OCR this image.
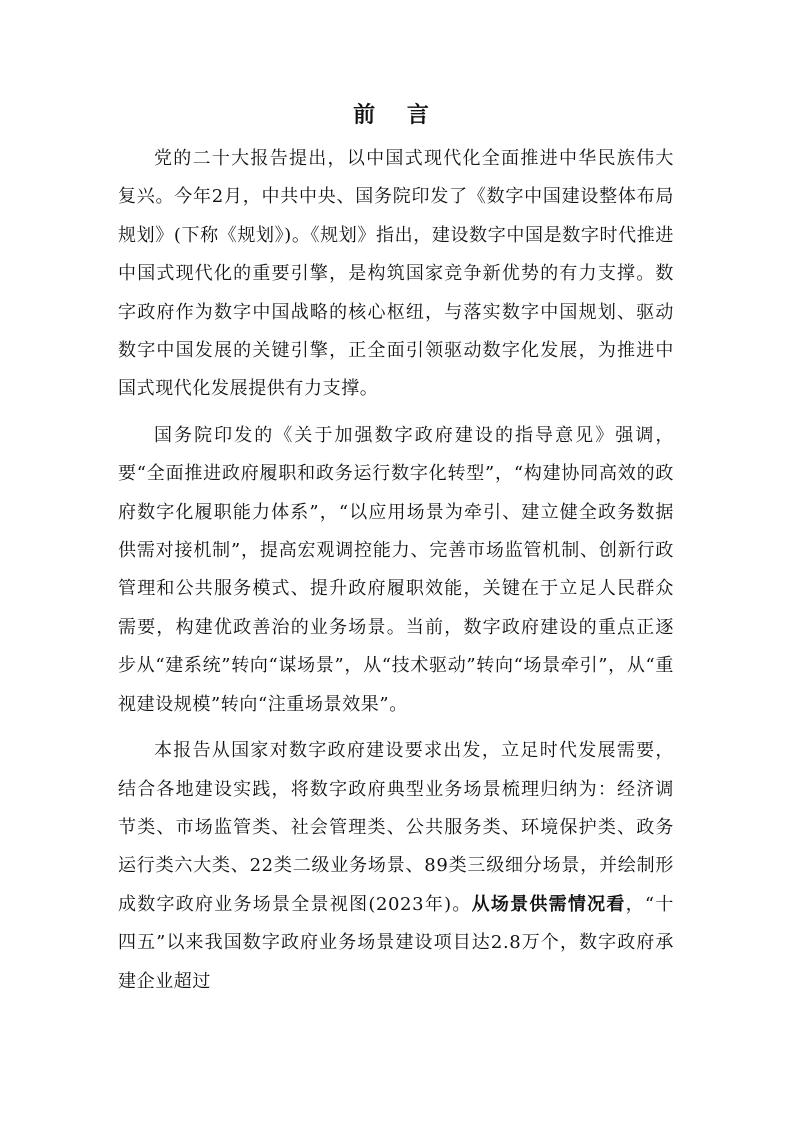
前 言

党的二十大报告提出，以中国式现代化全面推进中华民族伟大复兴。今年2月，中共中央、国务院印发了《数字中国建设整体布局规划》(下称《规划》)。《规划》指出，建设数字中国是数字时代推进中国式现代化的重要引擎，是构筑国家竞争新优势的有力支撑。数字政府作为数字中国战略的核心枢纽，与落实数字中国规划、驱动数字中国发展的关键引擎，正全面引领驱动数字化发展，为推进中国式现代化发展提供有力支撑。

国务院印发的《关于加强数字政府建设的指导意见》强调，要“全面推进政府履职和政务运行数字化转型”，“构建协同高效的政府数字化履职能力体系”，“以应用场景为牵引、建立健全政务数据供需对接机制”，提高宏观调控能力、完善市场监管机制、创新行政管理和公共服务模式、提升政府履职效能，关键在于立足人民群众需要，构建优政善治的业务场景。当前，数字政府建设的重点正逐步从“建系统”转向“谋场景”，从“技术驱动”转向“场景牵引”，从“重视建设规模”转向“注重场景效果”。

本报告从国家对数字政府建设要求出发，立足时代发展需要，结合各地建设实践，将数字政府典型业务场景梳理归纳为：经济调节类、市场监管类、社会管理类、公共服务类、环境保护类、政务运行类六大类、22类二级业务场景、89类三级细分场景，并绘制形成数字政府业务场景全景视图(2023年)。从场景供需情况看，“十四五”以来我国数字政府业务场景建设项目达2.8万个，数字政府承建企业超过
